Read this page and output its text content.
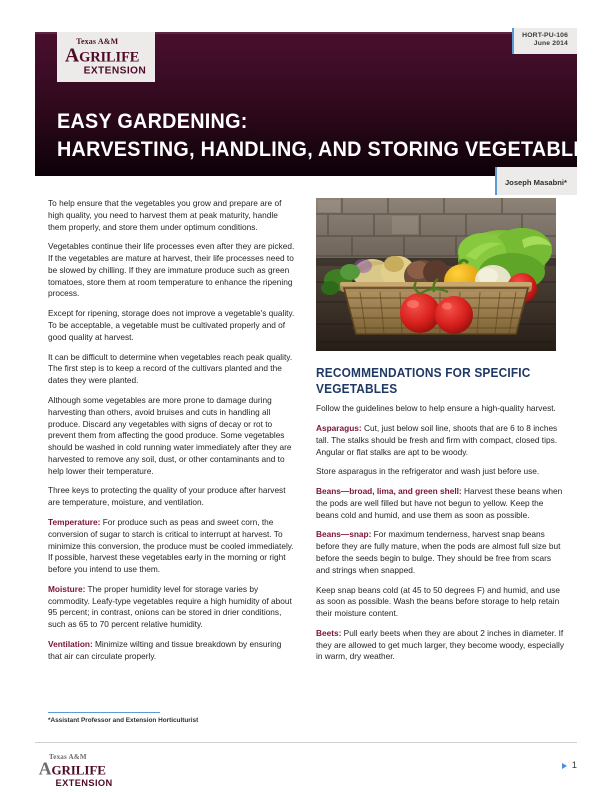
Texas A&M
AGRILIFE
EXTENSION
HORT-PU-106
June 2014
EASY GARDENING:
HARVESTING, HANDLING, AND STORING VEGETABLES
Joseph Masabni*

To help ensure that the vegetables you grow and prepare are of high quality, you need to harvest them at peak maturity, handle them properly, and store them under optimum conditions.

Vegetables continue their life processes even after they are picked. If the vegetables are mature at harvest, their life processes need to be slowed by chilling. If they are immature produce such as green tomatoes, store them at room temperature to enhance the ripening process.

Except for ripening, storage does not improve a vegetable's quality. To be acceptable, a vegetable must be cultivated properly and of good quality at harvest.

It can be difficult to determine when vegetables reach peak quality. The first step is to keep a record of the cultivars planted and the dates they were planted.

Although some vegetables are more prone to damage during harvesting than others, avoid bruises and cuts in handling all produce. Discard any vegetables with signs of decay or rot to prevent them from affecting the good produce. Some vegetables should be washed in cold running water immediately after they are harvested to remove any soil, dust, or other contaminants and to help lower their temperature.

Three keys to protecting the quality of your produce after harvest are temperature, moisture, and ventilation.

Temperature: For produce such as peas and sweet corn, the conversion of sugar to starch is critical to interrupt at harvest. To minimize this conversion, the produce must be cooled immediately. If possible, harvest these vegetables early in the morning or right before you intend to use them.

Moisture: The proper humidity level for storage varies by commodity. Leafy-type vegetables require a high humidity of about 95 percent; in contrast, onions can be stored in drier conditions, such as 65 to 70 percent relative humidity.

Ventilation: Minimize wilting and tissue breakdown by ensuring that air can circulate properly.

*Assistant Professor and Extension Horticulturist
RECOMMENDATIONS FOR SPECIFIC
VEGETABLES

Follow the guidelines below to help ensure a high-quality harvest.

Asparagus: Cut, just below soil line, shoots that are 6 to 8 inches tall. The stalks should be fresh and firm with compact, closed tips. Angular or flat stalks are apt to be woody.

Store asparagus in the refrigerator and wash just before use.

Beans—broad, lima, and green shell: Harvest these beans when the pods are well filled but have not begun to yellow. Keep the beans cold and humid, and use them as soon as possible.

Beans—snap: For maximum tenderness, harvest snap beans before they are fully mature, when the pods are almost full size but before the seeds begin to bulge. They should be free from scars and strings when snapped.

Keep snap beans cold (at 45 to 50 degrees F) and humid, and use as soon as possible. Wash the beans before storage to help retain their moisture content.

Beets: Pull early beets when they are about 2 inches in diameter. If they are allowed to get much larger, they become woody, especially in warm, dry weather.

Texas A&M
AGRILIFE
EXTENSION
1
